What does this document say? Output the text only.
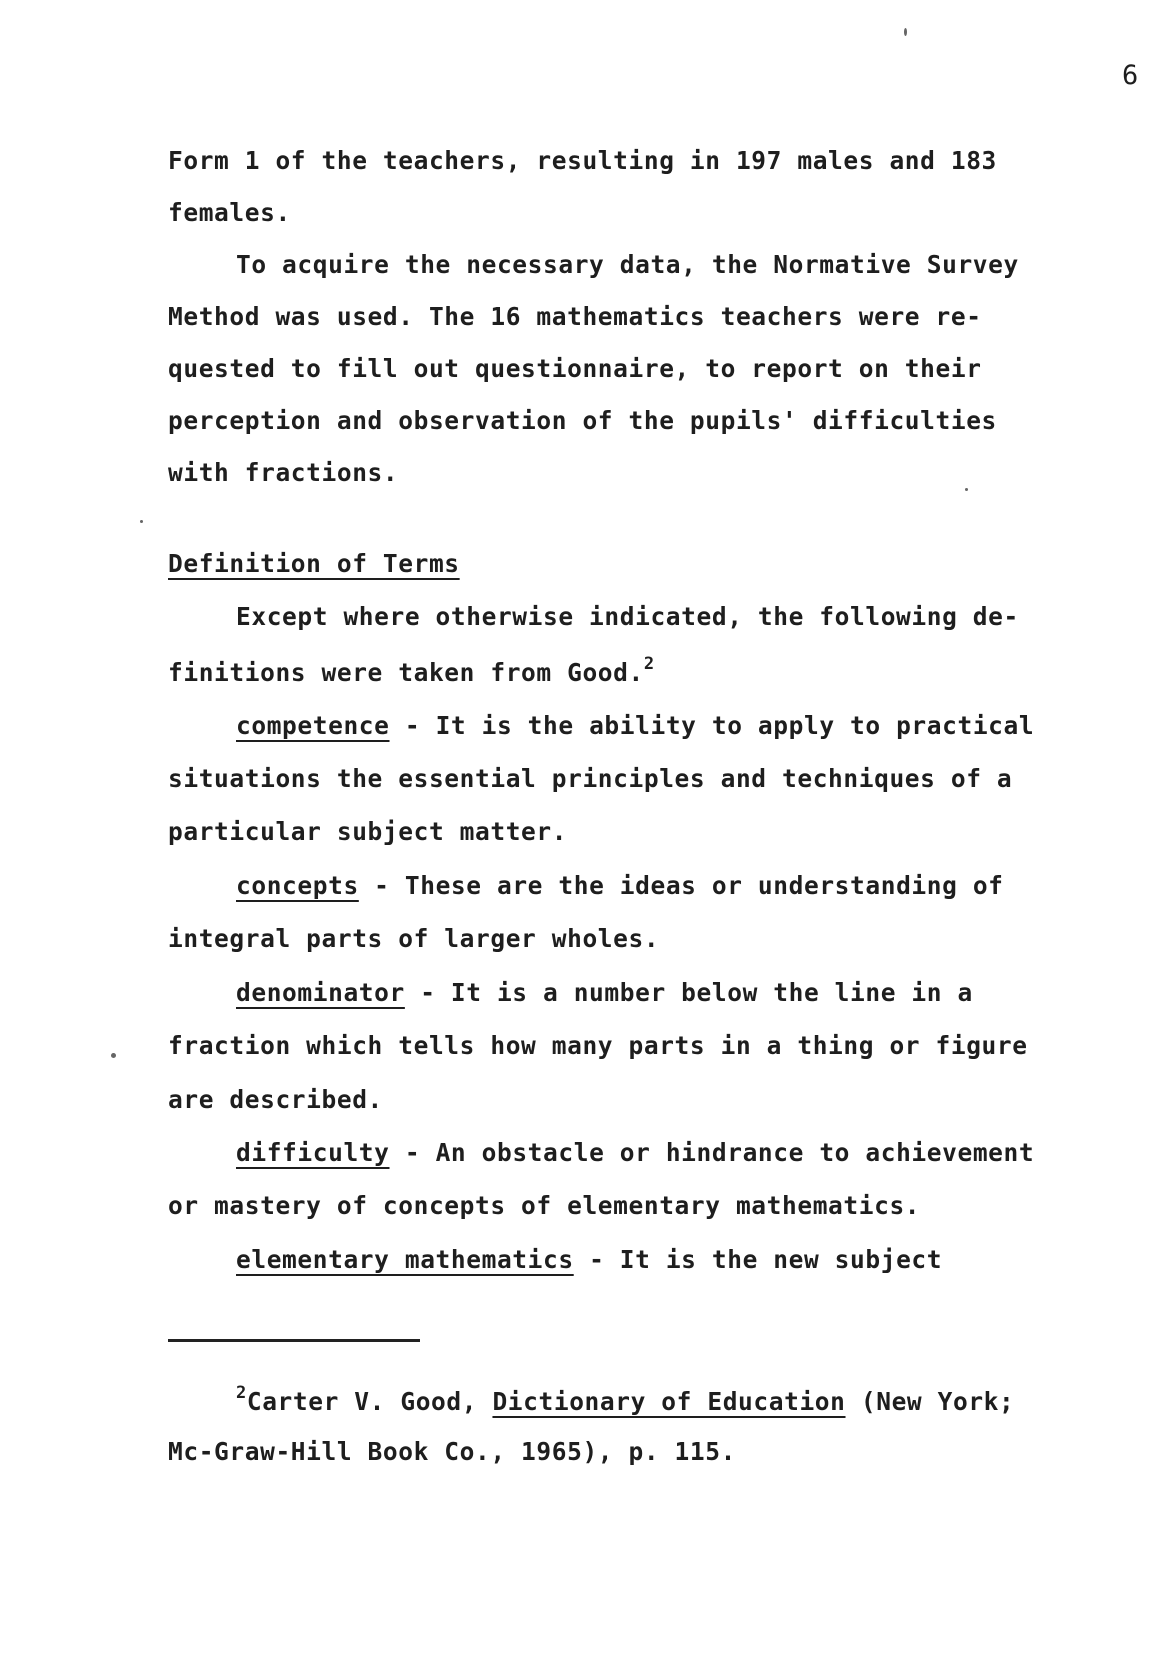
6
Form 1 of the teachers, resulting in 197 males and 183
females.
To acquire the necessary data, the Normative Survey
Method was used. The 16 mathematics teachers were re-
quested to fill out questionnaire, to report on their
perception and observation of the pupils' difficulties
with fractions.
Definition of Terms
Except where otherwise indicated, the following de-
finitions were taken from Good.$^2$
competence - It is the ability to apply to practical
situations the essential principles and techniques of a
particular subject matter.
concepts - These are the ideas or understanding of
integral parts of larger wholes.
denominator - It is a number below the line in a
fraction which tells how many parts in a thing or figure
are described.
difficulty - An obstacle or hindrance to achievement
or mastery of concepts of elementary mathematics.
elementary mathematics - It is the new subject
$^2$Carter V. Good, Dictionary of Education (New York;
Mc-Graw-Hill Book Co., 1965), p. 115.
